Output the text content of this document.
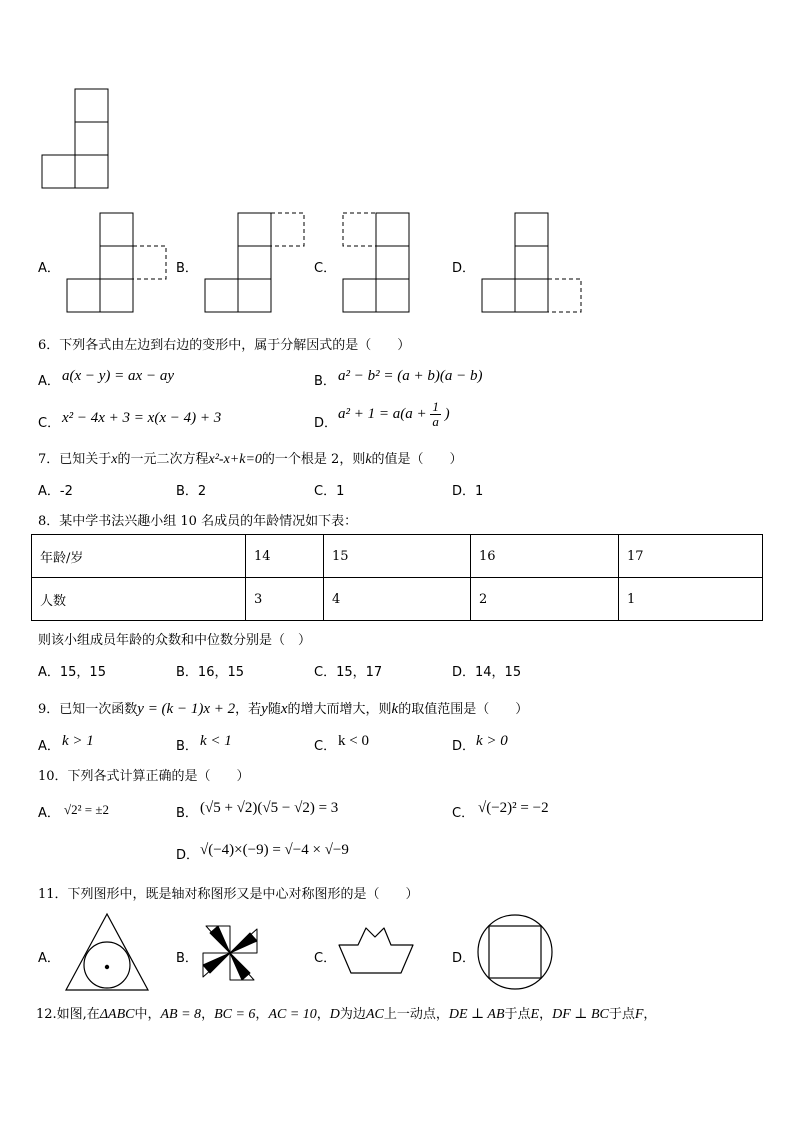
A．	B．	C．	D．
6．下列各式由左边到右边的变形中，属于分解因式的是（　　）
A． a(x − y) = ax − ay	B． a² − b² = (a + b)(a − b)
C． x² − 4x + 3 = x(x − 4) + 3	D．
$a^2 + 1 = a(a + \frac{1}{a}$ )
7．已知关于x的一元二次方程x²-x+k=0的一个根是 2，则k的值是（　　）
A．-2	B．2	C．1	D．1
8．某中学书法兴趣小组 10 名成员的年龄情况如下表：
年龄/岁	14	15	16	17
人数	3	4	2	1
则该小组成员年龄的众数和中位数分别是（　）
A．15，15	B．16，15	C．15，17	D．14，15
9．已知一次函数y = (k − 1)x + 2，若y随x的增大而增大，则k的取值范围是（　　）
A． k > 1	B． k < 1	C． k < 0	D． k > 0
10．下列各式计算正确的是（　　）
A． √2² = ±2	B． (√5 + √2)(√5 − √2) = 3	C． √(−2)² = −2
D． √(−4)×(−9) = √−4 × √−9
11．下列图形中，既是轴对称图形又是中心对称图形的是（　　）
A．	B．	C．	D．
12.如图,在ΔABC中，AB = 8，BC = 6，AC = 10，D为边AC上一动点，DE ⊥ AB于点E，DF ⊥ BC于点F，
